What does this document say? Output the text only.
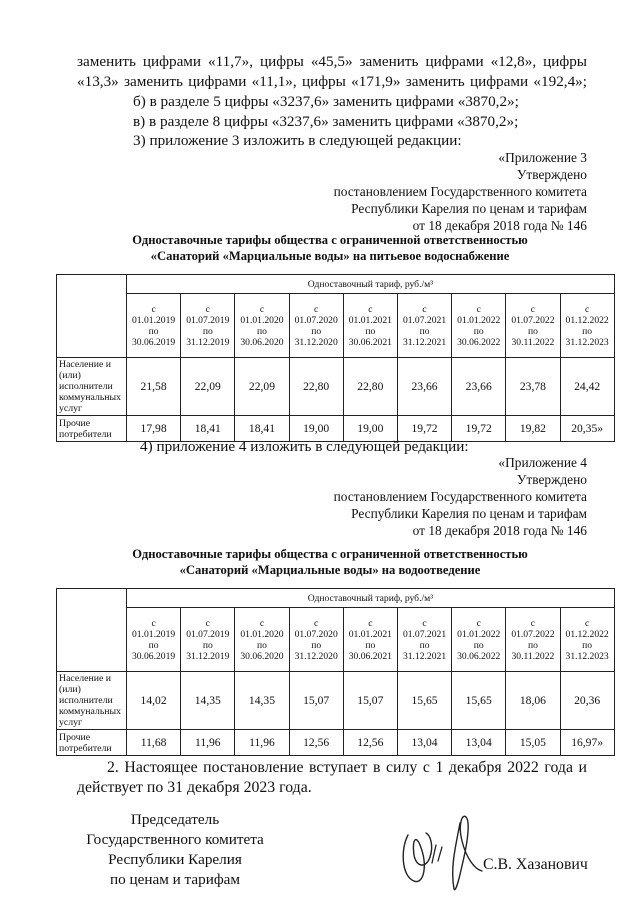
заменить цифрами «11,7», цифры «45,5» заменить цифрами «12,8», цифры
«13,3» заменить цифрами «11,1», цифры «171,9» заменить цифрами «192,4»;
б) в разделе 5 цифры «3237,6» заменить цифрами «3870,2»;
в) в разделе 8 цифры «3237,6» заменить цифрами «3870,2»;
3) приложение 3 изложить в следующей редакции:
«Приложение 3
Утверждено
постановлением Государственного комитета
Республики Карелия по ценам и тарифам
от 18 декабря 2018 года № 146
Одноставочные тарифы общества с ограниченной ответственностью
«Санаторий «Марциальные воды» на питьевое водоснабжение
	Одноставочный тариф, руб./м³								

	с
01.01.2019
по
30.06.2019	с
01.07.2019
по
31.12.2019	с
01.01.2020
по
30.06.2020	с
01.07.2020
по
31.12.2020	с
01.01.2021
по
30.06.2021	с
01.07.2021
по
31.12.2021	с
01.01.2022
по
30.06.2022	с
01.07.2022
по
30.11.2022	с
01.12.2022
по
31.12.2023

Население и
(или)
исполнители
коммунальных
услуг	21,58	22,09	22,09	22,80	22,80	23,66	23,66	23,78	24,42

Прочие
потребители	17,98	18,41	18,41	19,00	19,00	19,72	19,72	19,82	20,35»
4) приложение 4 изложить в следующей редакции:
«Приложение 4
Утверждено
постановлением Государственного комитета
Республики Карелия по ценам и тарифам
от 18 декабря 2018 года № 146
Одноставочные тарифы общества с ограниченной ответственностью
«Санаторий «Марциальные воды» на водоотведение
	Одноставочный тариф, руб./м³								

	с
01.01.2019
по
30.06.2019	с
01.07.2019
по
31.12.2019	с
01.01.2020
по
30.06.2020	с
01.07.2020
по
31.12.2020	с
01.01.2021
по
30.06.2021	с
01.07.2021
по
31.12.2021	с
01.01.2022
по
30.06.2022	с
01.07.2022
по
30.11.2022	с
01.12.2022
по
31.12.2023

Население и
(или)
исполнители
коммунальных
услуг	14,02	14,35	14,35	15,07	15,07	15,65	15,65	18,06	20,36

Прочие
потребители	11,68	11,96	11,96	12,56	12,56	13,04	13,04	15,05	16,97»
2. Настоящее постановление вступает в силу с 1 декабря 2022 года и
действует по 31 декабря 2023 года.
Председатель
Государственного комитета
Республики Карелия
по ценам и тарифам
С.В. Хазанович
